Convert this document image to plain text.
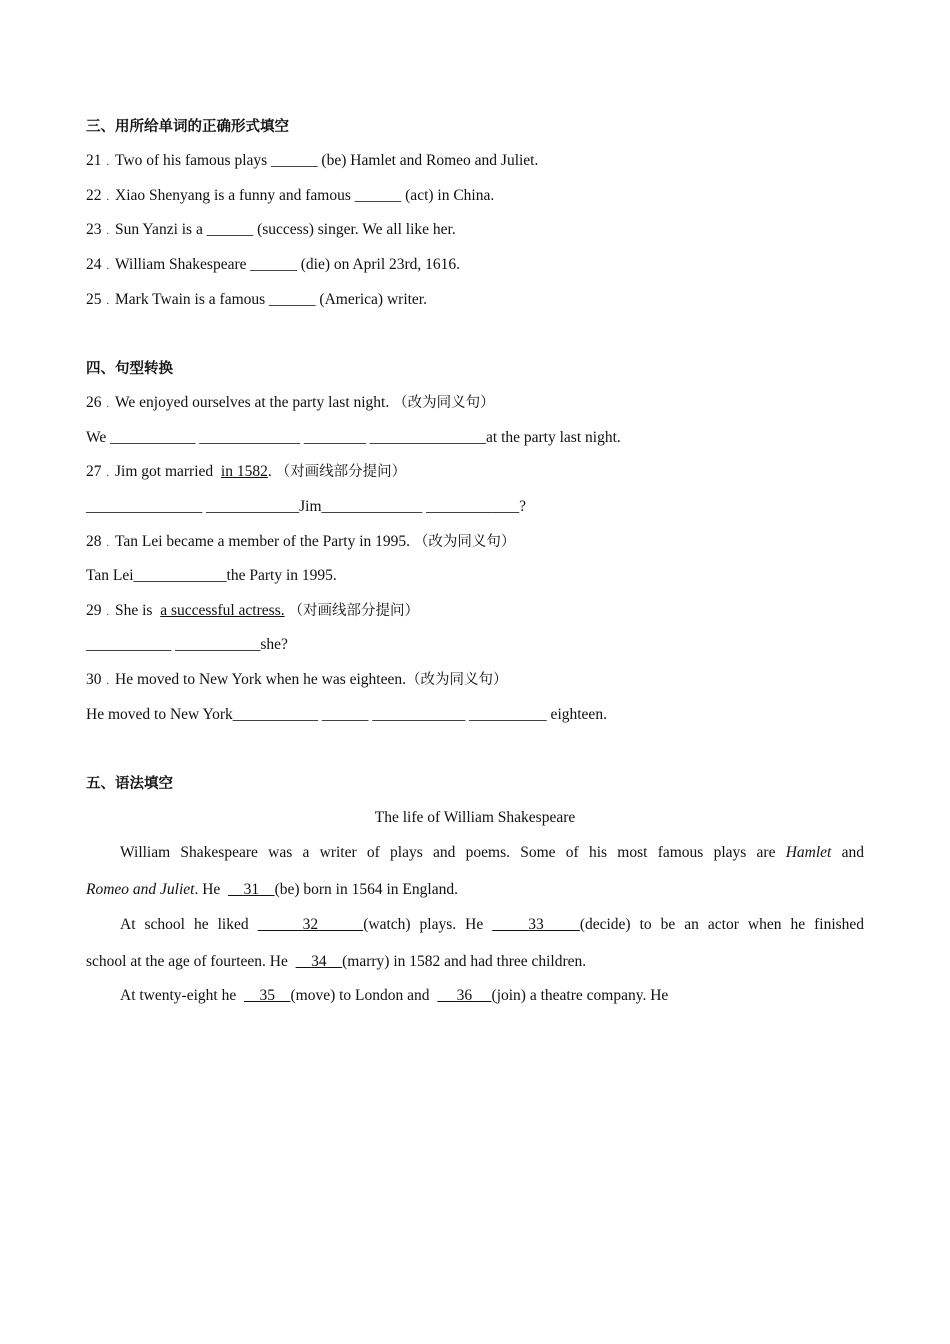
三、用所给单词的正确形式填空
21 . Two of his famous plays ______ (be) Hamlet and Romeo and Juliet.
22 . Xiao Shenyang is a funny and famous ______ (act) in China.
23 . Sun Yanzi is a ______ (success) singer. We all like her.
24 . William Shakespeare ______ (die) on April 23rd, 1616.
25 . Mark Twain is a famous ______ (America) writer.
四、句型转换
26 . We enjoyed ourselves at the party last night. （改为同义句）
We ___________ _____________ ________ _______________at the party last night.
27 . Jim got married  in 1582. （对画线部分提问）
_______________ ____________Jim_____________ ____________?
28 . Tan Lei became a member of the Party in 1995. （改为同义句）
Tan Lei____________the Party in 1995.
29 . She is  a successful actress. （对画线部分提问）
___________ ___________she?
30 . He moved to New York when he was eighteen.（改为同义句）
He moved to New York___________ ______ ____________ __________ eighteen.
五、语法填空
The life of William Shakespeare
William Shakespeare was a writer of plays and poems. Some of his most famous plays are Hamlet and
Romeo and Juliet. He 31 (be) born in 1564 in England.
At school he liked	32	(watch) plays. He	33 (decide) to be an actor when he finished
school at the age of fourteen. He 34 (marry) in 1582 and had three children.
At twenty-eight he 35 (move) to London and 36 (join) a theatre company. He
